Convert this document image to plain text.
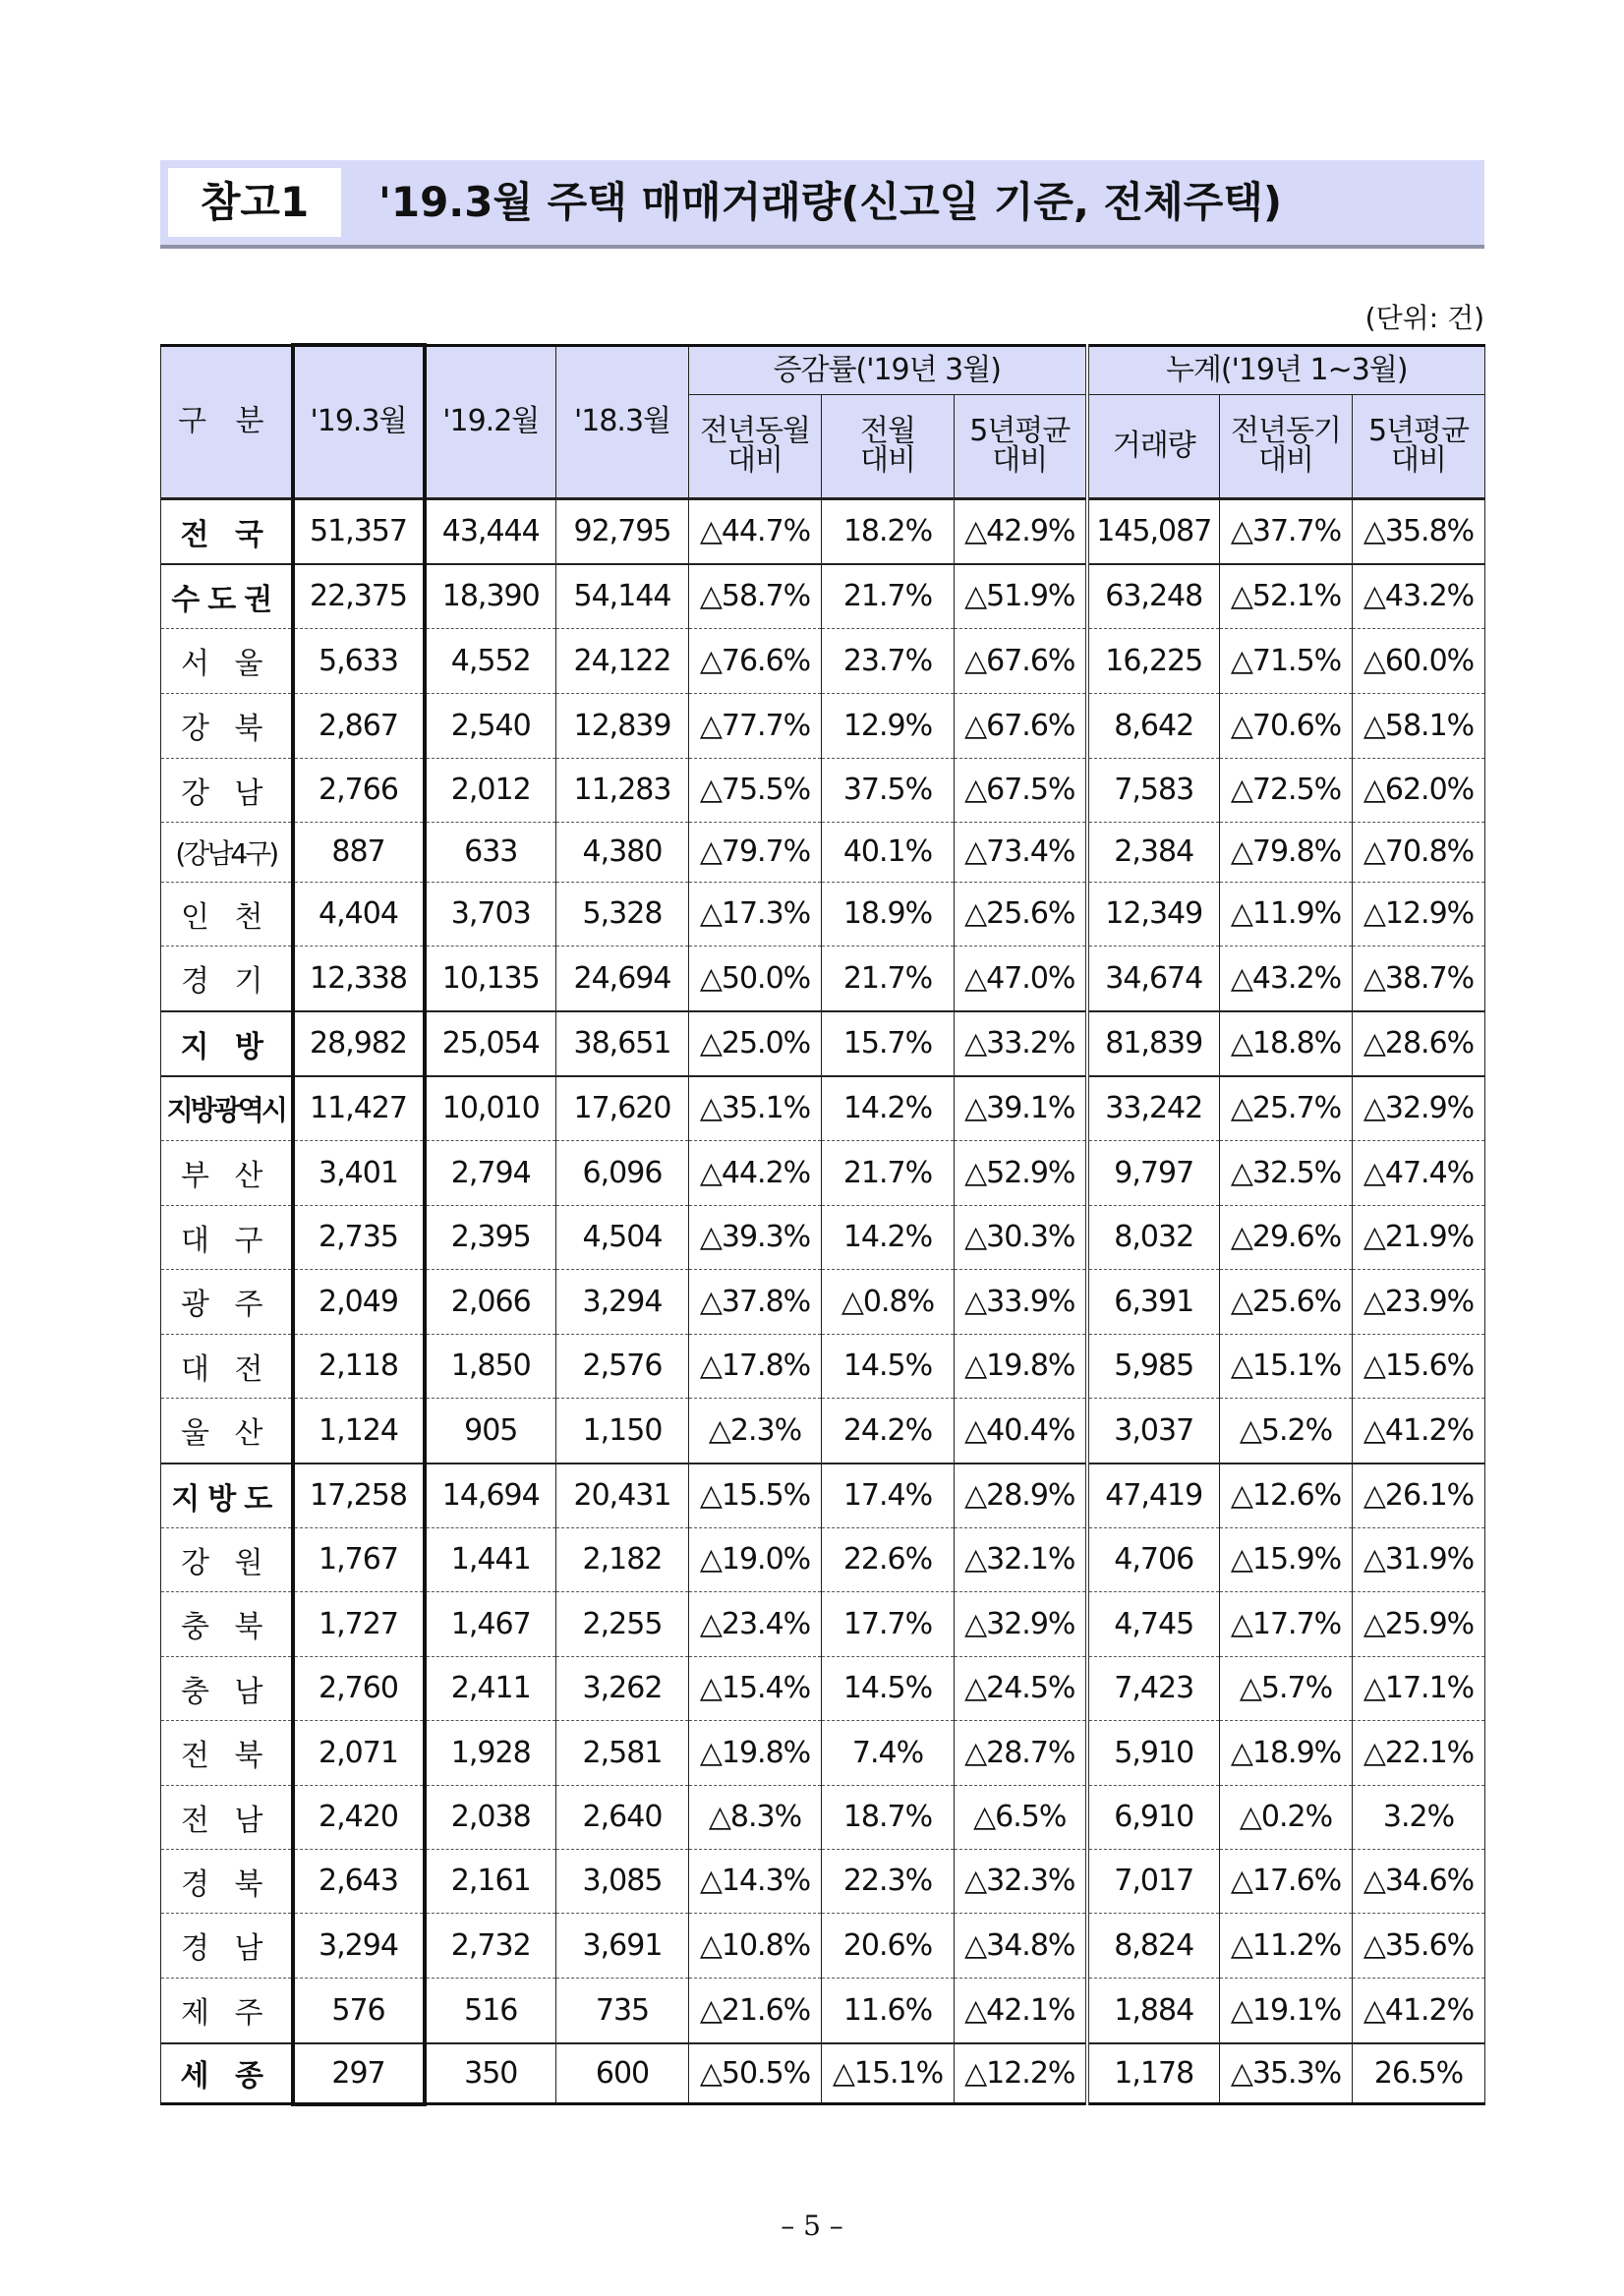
참고1	'19.3월 주택 매매거래량(신고일 기준, 전체주택)
(단위: 건)
구 분	'19.3월	'19.2월	'18.3월	증감률('19년 3월)			누계('19년 1~3월)		
				전년동월 대비	전월 대비	5년평균 대비	거래량	전년동기 대비	5년평균 대비
전 국	51,357	43,444	92,795	△44.7%	18.2%	△42.9%	145,087	△37.7%	△35.8%
수도권	22,375	18,390	54,144	△58.7%	21.7%	△51.9%	63,248	△52.1%	△43.2%
서 울	5,633	4,552	24,122	△76.6%	23.7%	△67.6%	16,225	△71.5%	△60.0%
강 북	2,867	2,540	12,839	△77.7%	12.9%	△67.6%	8,642	△70.6%	△58.1%
강 남	2,766	2,012	11,283	△75.5%	37.5%	△67.5%	7,583	△72.5%	△62.0%
(강남4구)	887	633	4,380	△79.7%	40.1%	△73.4%	2,384	△79.8%	△70.8%
인 천	4,404	3,703	5,328	△17.3%	18.9%	△25.6%	12,349	△11.9%	△12.9%
경 기	12,338	10,135	24,694	△50.0%	21.7%	△47.0%	34,674	△43.2%	△38.7%
지 방	28,982	25,054	38,651	△25.0%	15.7%	△33.2%	81,839	△18.8%	△28.6%
지방광역시	11,427	10,010	17,620	△35.1%	14.2%	△39.1%	33,242	△25.7%	△32.9%
부 산	3,401	2,794	6,096	△44.2%	21.7%	△52.9%	9,797	△32.5%	△47.4%
대 구	2,735	2,395	4,504	△39.3%	14.2%	△30.3%	8,032	△29.6%	△21.9%
광 주	2,049	2,066	3,294	△37.8%	△0.8%	△33.9%	6,391	△25.6%	△23.9%
대 전	2,118	1,850	2,576	△17.8%	14.5%	△19.8%	5,985	△15.1%	△15.6%
울 산	1,124	905	1,150	△2.3%	24.2%	△40.4%	3,037	△5.2%	△41.2%
지방도	17,258	14,694	20,431	△15.5%	17.4%	△28.9%	47,419	△12.6%	△26.1%
강 원	1,767	1,441	2,182	△19.0%	22.6%	△32.1%	4,706	△15.9%	△31.9%
충 북	1,727	1,467	2,255	△23.4%	17.7%	△32.9%	4,745	△17.7%	△25.9%
충 남	2,760	2,411	3,262	△15.4%	14.5%	△24.5%	7,423	△5.7%	△17.1%
전 북	2,071	1,928	2,581	△19.8%	7.4%	△28.7%	5,910	△18.9%	△22.1%
전 남	2,420	2,038	2,640	△8.3%	18.7%	△6.5%	6,910	△0.2%	3.2%
경 북	2,643	2,161	3,085	△14.3%	22.3%	△32.3%	7,017	△17.6%	△34.6%
경 남	3,294	2,732	3,691	△10.8%	20.6%	△34.8%	8,824	△11.2%	△35.6%
제 주	576	516	735	△21.6%	11.6%	△42.1%	1,884	△19.1%	△41.2%
세 종	297	350	600	△50.5%	△15.1%	△12.2%	1,178	△35.3%	26.5%
– 5 –
